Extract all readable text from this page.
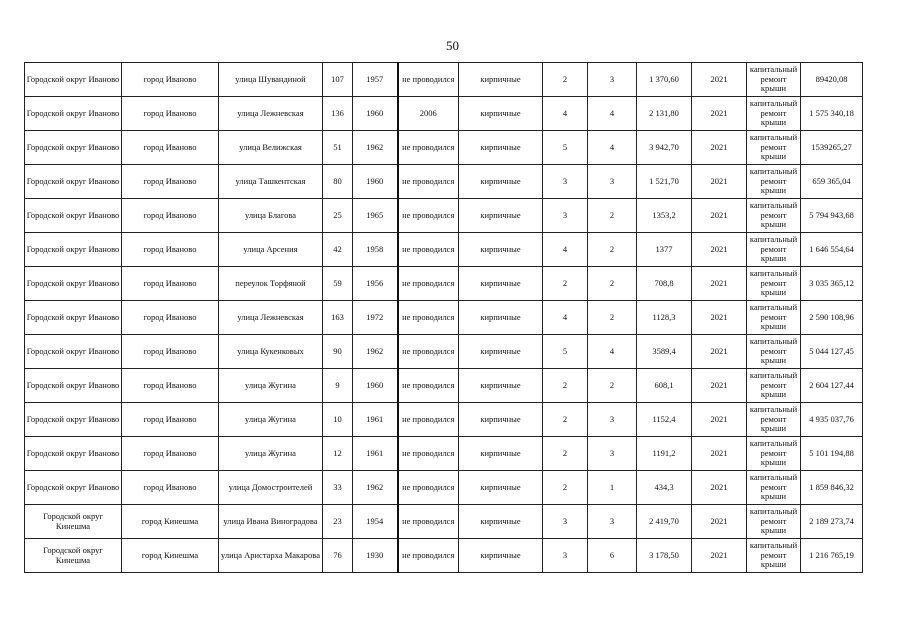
50
Городской округ Иваново	город Иваново	улица Шувандиной	107	1957	не проводился	кирпичные	2	3	1 370,60	2021	капитальный ремонт крыши	89420,08
Городской округ Иваново	город Иваново	улица Лежневская	136	1960	2006	кирпичные	4	4	2 131,80	2021	капитальный ремонт крыши	1 575 340,18
Городской округ Иваново	город Иваново	улица Велижская	51	1962	не проводился	кирпичные	5	4	3 942,70	2021	капитальный ремонт крыши	1539265,27
Городской округ Иваново	город Иваново	улица Ташкентская	80	1960	не проводился	кирпичные	3	3	1 521,70	2021	капитальный ремонт крыши	659 365,04
Городской округ Иваново	город Иваново	улица Благова	25	1965	не проводился	кирпичные	3	2	1353,2	2021	капитальный ремонт крыши	5 794 943,68
Городской округ Иваново	город Иваново	улица Арсения	42	1958	не проводился	кирпичные	4	2	1377	2021	капитальный ремонт крыши	1 646 554,64
Городской округ Иваново	город Иваново	переулок Торфяной	59	1956	не проводился	кирпичные	2	2	708,8	2021	капитальный ремонт крыши	3 035 365,12
Городской округ Иваново	город Иваново	улица Лежневская	163	1972	не проводился	кирпичные	4	2	1128,3	2021	капитальный ремонт крыши	2 590 108,96
Городской округ Иваново	город Иваново	улица Кукенковых	90	1962	не проводился	кирпичные	5	4	3589,4	2021	капитальный ремонт крыши	5 044 127,45
Городской округ Иваново	город Иваново	улица Жугина	9	1960	не проводился	кирпичные	2	2	608,1	2021	капитальный ремонт крыши	2 604 127,44
Городской округ Иваново	город Иваново	улица Жугина	10	1961	не проводился	кирпичные	2	3	1152,4	2021	капитальный ремонт крыши	4 935 037,76
Городской округ Иваново	город Иваново	улица Жугина	12	1961	не проводился	кирпичные	2	3	1191,2	2021	капитальный ремонт крыши	5 101 194,88
Городской округ Иваново	город Иваново	улица Домостроителей	33	1962	не проводился	кирпичные	2	1	434,3	2021	капитальный ремонт крыши	1 859 846,32
Городской округ Кинешма	город Кинешма	улица Ивана Виноградова	23	1954	не проводился	кирпичные	3	3	2 419,70	2021	капитальный ремонт крыши	2 189 273,74
Городской округ Кинешма	город Кинешма	улица Аристарха Макарова	76	1930	не проводился	кирпичные	3	6	3 178,50	2021	капитальный ремонт крыши	1 216 765,19
